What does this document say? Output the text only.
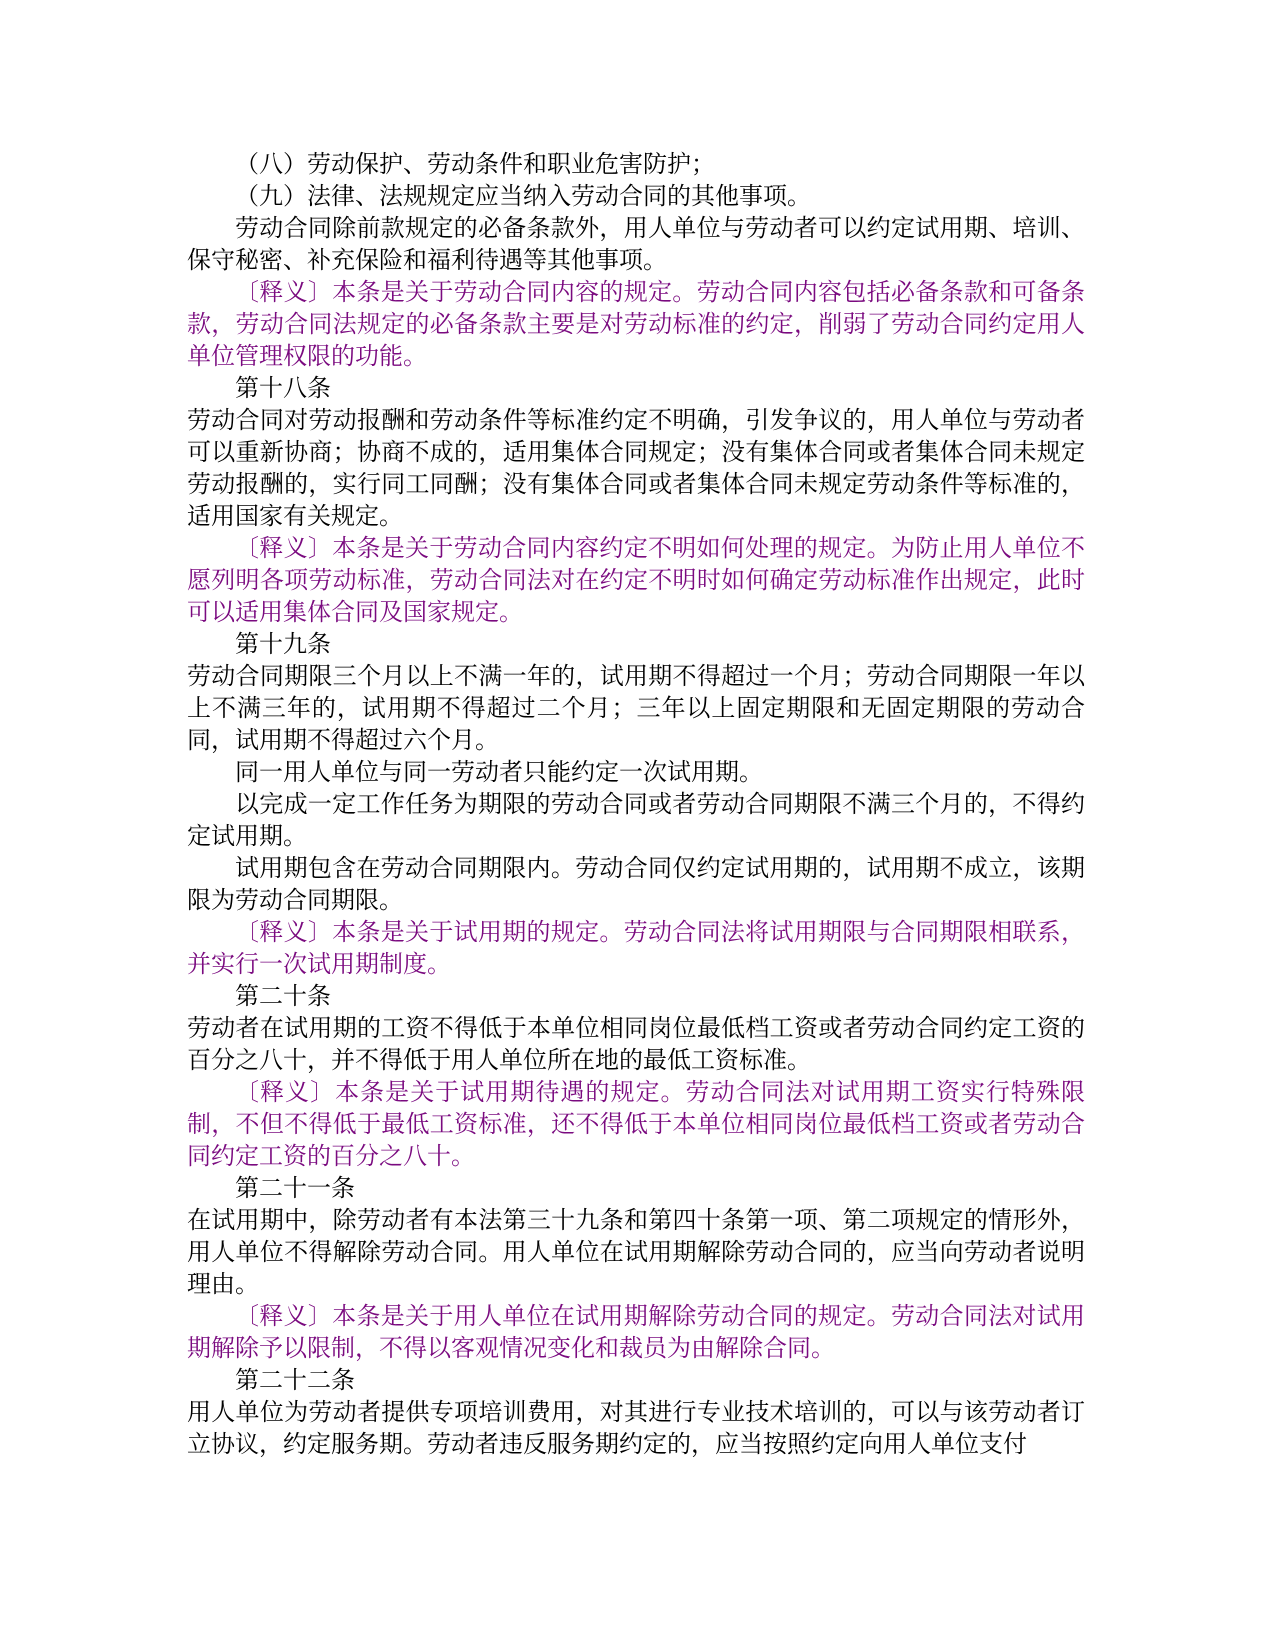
（八）劳动保护、劳动条件和职业危害防护；

（九）法律、法规规定应当纳入劳动合同的其他事项。

劳动合同除前款规定的必备条款外，用人单位与劳动者可以约定试用期、培训、保守秘密、补充保险和福利待遇等其他事项。

〔释义〕本条是关于劳动合同内容的规定。劳动合同内容包括必备条款和可备条款，劳动合同法规定的必备条款主要是对劳动标准的约定，削弱了劳动合同约定用人单位管理权限的功能。

第十八条

劳动合同对劳动报酬和劳动条件等标准约定不明确，引发争议的，用人单位与劳动者可以重新协商；协商不成的，适用集体合同规定；没有集体合同或者集体合同未规定劳动报酬的，实行同工同酬；没有集体合同或者集体合同未规定劳动条件等标准的，适用国家有关规定。

〔释义〕本条是关于劳动合同内容约定不明如何处理的规定。为防止用人单位不愿列明各项劳动标准，劳动合同法对在约定不明时如何确定劳动标准作出规定，此时可以适用集体合同及国家规定。

第十九条

劳动合同期限三个月以上不满一年的，试用期不得超过一个月；劳动合同期限一年以上不满三年的，试用期不得超过二个月；三年以上固定期限和无固定期限的劳动合同，试用期不得超过六个月。

同一用人单位与同一劳动者只能约定一次试用期。

以完成一定工作任务为期限的劳动合同或者劳动合同期限不满三个月的，不得约定试用期。

试用期包含在劳动合同期限内。劳动合同仅约定试用期的，试用期不成立，该期限为劳动合同期限。

〔释义〕本条是关于试用期的规定。劳动合同法将试用期限与合同期限相联系，并实行一次试用期制度。

第二十条

劳动者在试用期的工资不得低于本单位相同岗位最低档工资或者劳动合同约定工资的百分之八十，并不得低于用人单位所在地的最低工资标准。

〔释义〕本条是关于试用期待遇的规定。劳动合同法对试用期工资实行特殊限制，不但不得低于最低工资标准，还不得低于本单位相同岗位最低档工资或者劳动合同约定工资的百分之八十。

第二十一条

在试用期中，除劳动者有本法第三十九条和第四十条第一项、第二项规定的情形外，用人单位不得解除劳动合同。用人单位在试用期解除劳动合同的，应当向劳动者说明理由。

〔释义〕本条是关于用人单位在试用期解除劳动合同的规定。劳动合同法对试用期解除予以限制，不得以客观情况变化和裁员为由解除合同。

第二十二条

用人单位为劳动者提供专项培训费用，对其进行专业技术培训的，可以与该劳动者订立协议，约定服务期。劳动者违反服务期约定的，应当按照约定向用人单位支付
